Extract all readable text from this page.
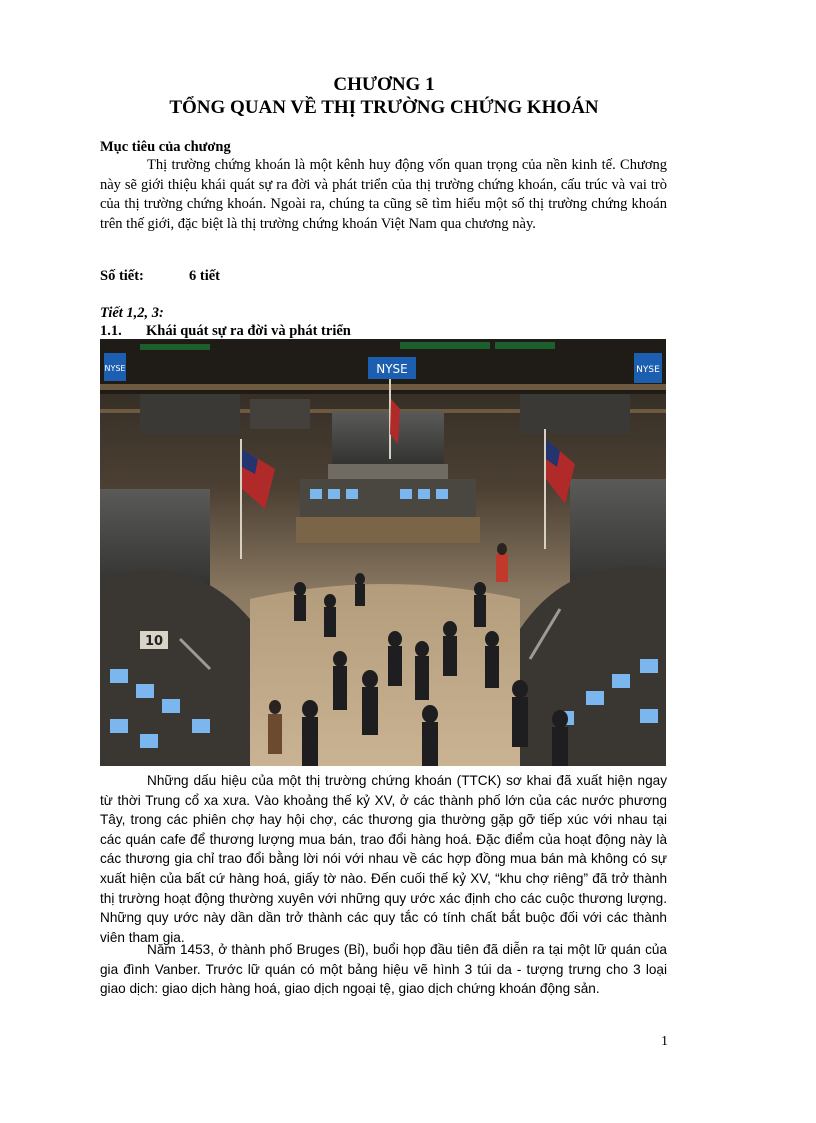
CHƯƠNG 1
TỔNG QUAN VỀ THỊ TRƯỜNG CHỨNG KHOÁN
Mục tiêu của chương

Thị trường chứng khoán là một kênh huy động vốn quan trọng của nền kinh tế. Chương này sẽ giới thiệu khái quát sự ra đời và phát triển của thị trường chứng khoán, cấu trúc và vai trò của thị trường chứng khoán. Ngoài ra, chúng ta cũng sẽ tìm hiểu một số thị trường chứng khoán trên thế giới, đặc biệt là thị trường chứng khoán Việt Nam qua chương này.

Số tiết:	6 tiết
Tiết 1,2, 3:
1.1. Khái quát sự ra đời và phát triển
NYSE	NYSE	NYSE
10

Những dấu hiệu của một thị trường chứng khoán (TTCK) sơ khai đã xuất hiện ngay từ thời Trung cổ xa xưa. Vào khoảng thế kỷ XV, ở các thành phố lớn của các nước phương Tây, trong các phiên chợ hay hội chợ, các thương gia thường gặp gỡ tiếp xúc với nhau tại các quán cafe để thương lượng mua bán, trao đổi hàng hoá. Đặc điểm của hoạt động này là các thương gia chỉ trao đổi bằng lời nói với nhau về các hợp đồng mua bán mà không có sự xuất hiện của bất cứ hàng hoá, giấy tờ nào. Đến cuối thế kỷ XV, “khu chợ riêng” đã trở thành thị trường hoạt động thường xuyên với những quy ước xác định cho các cuộc thương lượng. Những quy ước này dần dần trở thành các quy tắc có tính chất bắt buộc đối với các thành viên tham gia.

Năm 1453, ở thành phố Bruges (Bỉ), buổi họp đầu tiên đã diễn ra tại một lữ quán của gia đình Vanber. Trước lữ quán có một bảng hiệu vẽ hình 3 túi da - tượng trưng cho 3 loại giao dịch: giao dịch hàng hoá, giao dịch ngoại tệ, giao dịch chứng khoán động sản.

1
